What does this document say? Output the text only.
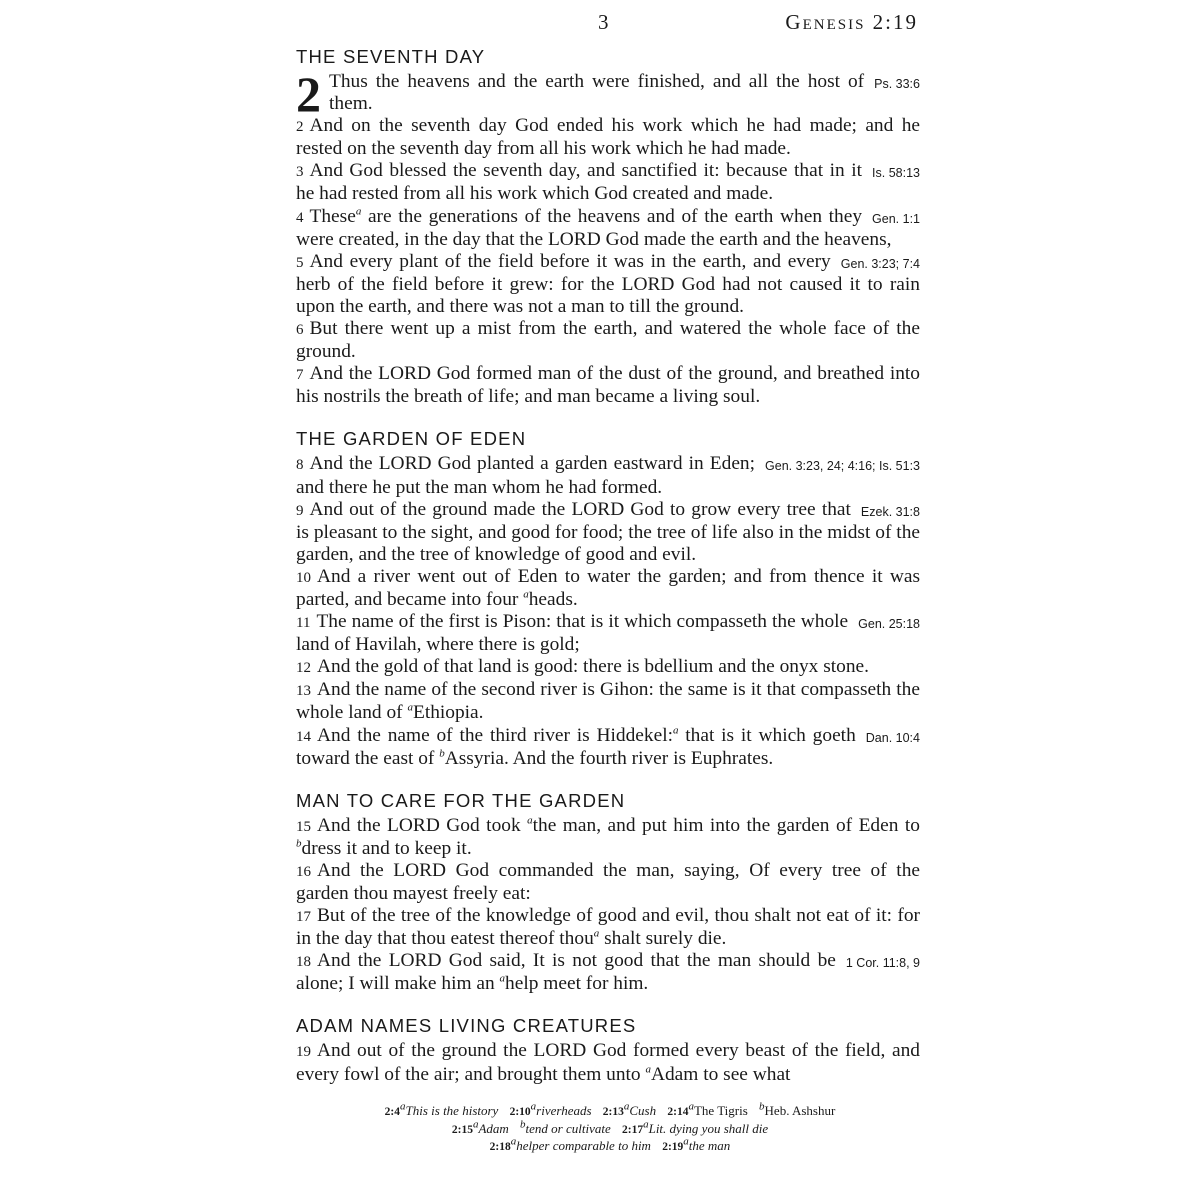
3	Genesis 2:19
THE SEVENTH DAY
2	Ps. 33:6
Thus the heavens and the earth were finished, and all the host of them.
2 And on the seventh day God ended his work which he had made; and he rested on the seventh day from all his work which he had made.
Is. 58:13
3 And God blessed the seventh day, and sanctified it: because that in it he had rested from all his work which God created and made.
Gen. 1:1
4 These$^a$ are the generations of the heavens and of the earth when they were created, in the day that the LORD God made the earth and the heavens,
Gen. 3:23; 7:4
5 And every plant of the field before it was in the earth, and every herb of the field before it grew: for the LORD God had not caused it to rain upon the earth, and there was not a man to till the ground.
6 But there went up a mist from the earth, and watered the whole face of the ground.
7 And the LORD God formed man of the dust of the ground, and breathed into his nostrils the breath of life; and man became a living soul.
THE GARDEN OF EDEN
Gen. 3:23, 24; 4:16; Is. 51:3
8 And the LORD God planted a garden eastward in Eden; and there he put the man whom he had formed.
Ezek. 31:8
9 And out of the ground made the LORD God to grow every tree that is pleasant to the sight, and good for food; the tree of life also in the midst of the garden, and the tree of knowledge of good and evil.
10 And a river went out of Eden to water the garden; and from thence it was parted, and became into four $^a$heads.
Gen. 25:18
11 The name of the first is Pison: that is it which compasseth the whole land of Havilah, where there is gold;
12 And the gold of that land is good: there is bdellium and the onyx stone.
13 And the name of the second river is Gihon: the same is it that compasseth the whole land of $^a$Ethiopia.
Dan. 10:4
14 And the name of the third river is Hiddekel:$^a$ that is it which goeth toward the east of $^b$Assyria. And the fourth river is Euphrates.
MAN TO CARE FOR THE GARDEN
15 And the LORD God took $^a$the man, and put him into the garden of Eden to $^b$dress it and to keep it.
16 And the LORD God commanded the man, saying, Of every tree of the garden thou mayest freely eat:
17 But of the tree of the knowledge of good and evil, thou shalt not eat of it: for in the day that thou eatest thereof thou$^a$ shalt surely die.
1 Cor. 11:8, 9
18 And the LORD God said, It is not good that the man should be alone; I will make him an $^a$help meet for him.
ADAM NAMES LIVING CREATURES
19 And out of the ground the LORD God formed every beast of the field, and every fowl of the air; and brought them unto $^a$Adam to see what
2:4$^a$This is the history 2:10$^a$riverheads 2:13$^a$Cush 2:14$^a$The Tigris $^b$Heb. Ashshur
2:15$^a$Adam $^b$tend or cultivate 2:17$^a$Lit. dying you shall die
2:18$^a$helper comparable to him 2:19$^a$the man
